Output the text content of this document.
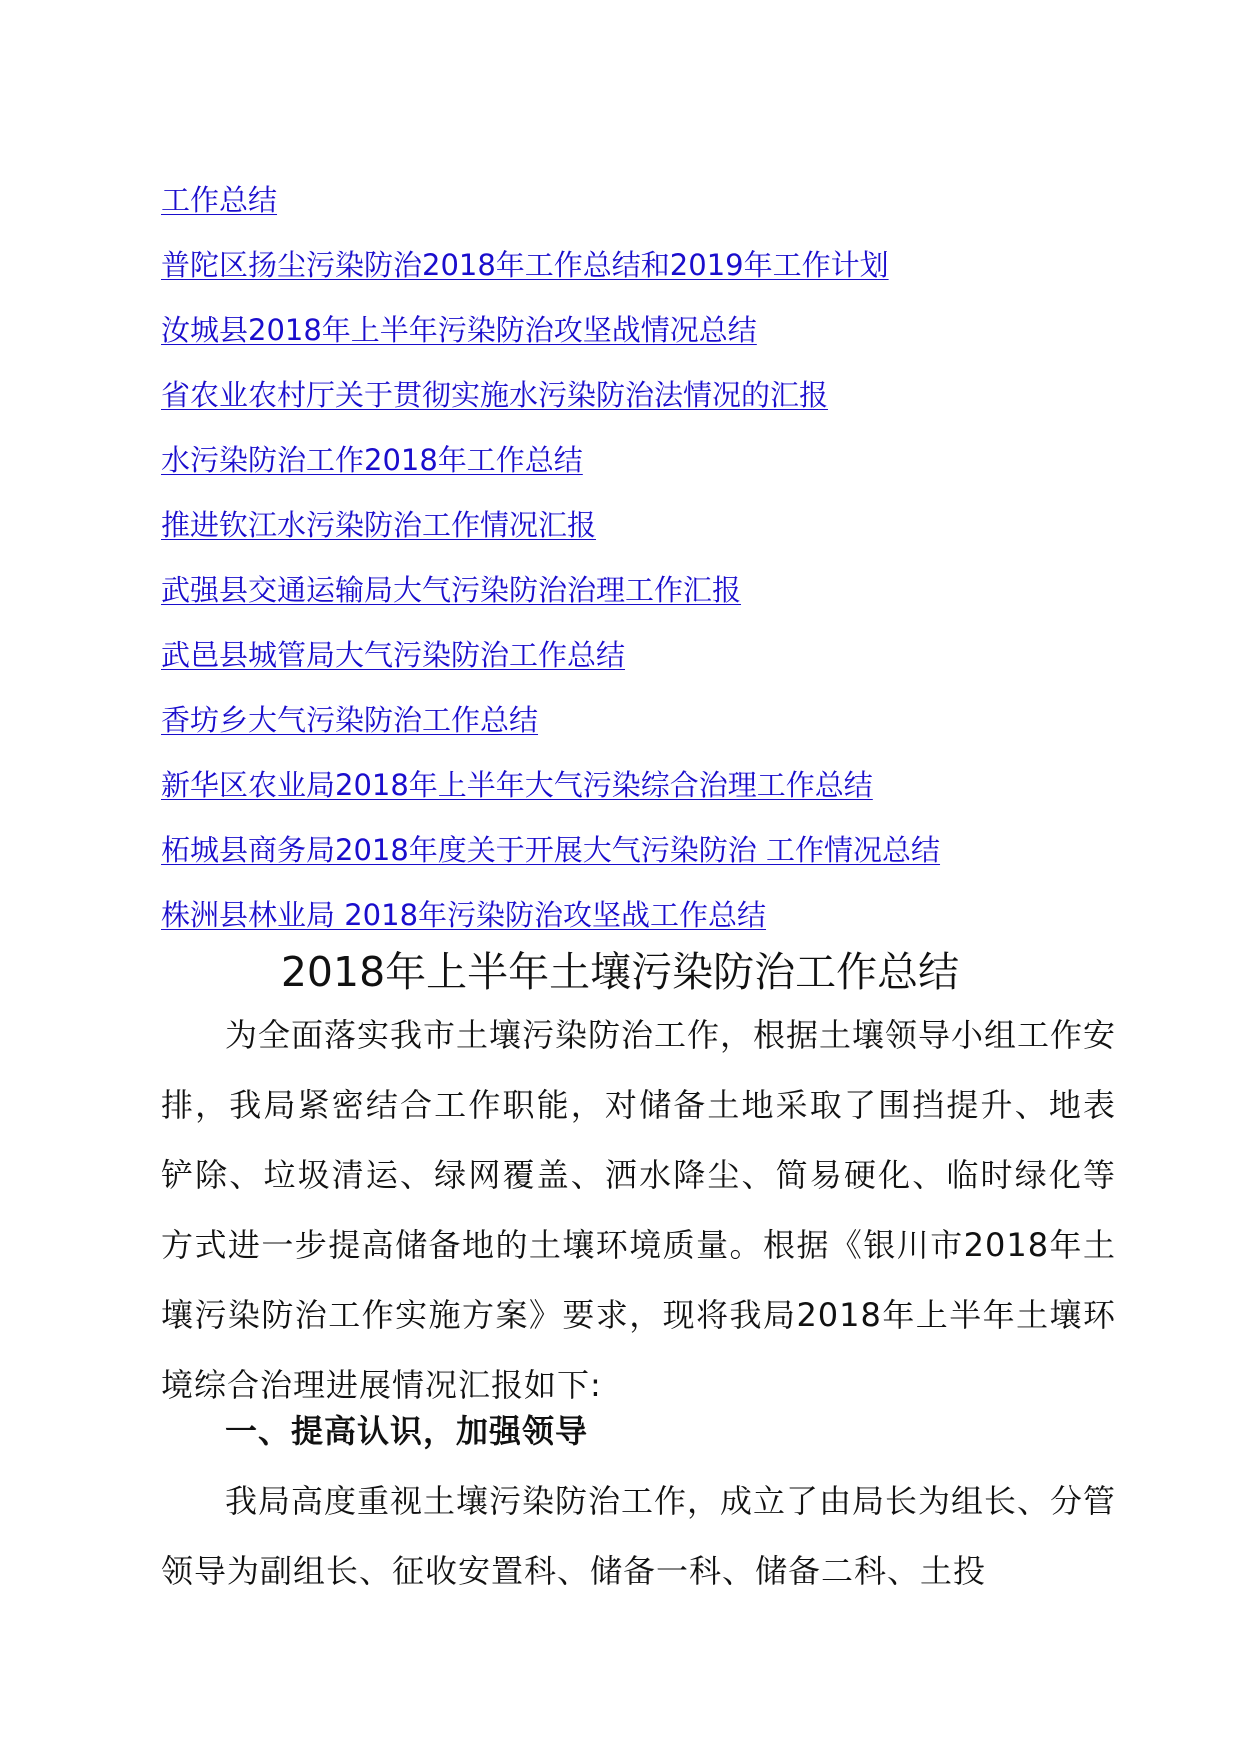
工作总结
普陀区扬尘污染防治2018年工作总结和2019年工作计划
汝城县2018年上半年污染防治攻坚战情况总结
省农业农村厅关于贯彻实施水污染防治法情况的汇报
水污染防治工作2018年工作总结
推进钦江水污染防治工作情况汇报
武强县交通运输局大气污染防治治理工作汇报
武邑县城管局大气污染防治工作总结
香坊乡大气污染防治工作总结
新华区农业局2018年上半年大气污染综合治理工作总结
柘城县商务局2018年度关于开展大气污染防治 工作情况总结
株洲县林业局 2018年污染防治攻坚战工作总结
2018年上半年土壤污染防治工作总结

为全面落实我市土壤污染防治工作，根据土壤领导小组工作安排，我局紧密结合工作职能，对储备土地采取了围挡提升、地表铲除、垃圾清运、绿网覆盖、洒水降尘、简易硬化、临时绿化等方式进一步提高储备地的土壤环境质量。根据《银川市2018年土壤污染防治工作实施方案》要求，现将我局2018年上半年土壤环境综合治理进展情况汇报如下:

一、提高认识，加强领导

我局高度重视土壤污染防治工作，成立了由局长为组长、分管领导为副组长、征收安置科、储备一科、储备二科、土投
